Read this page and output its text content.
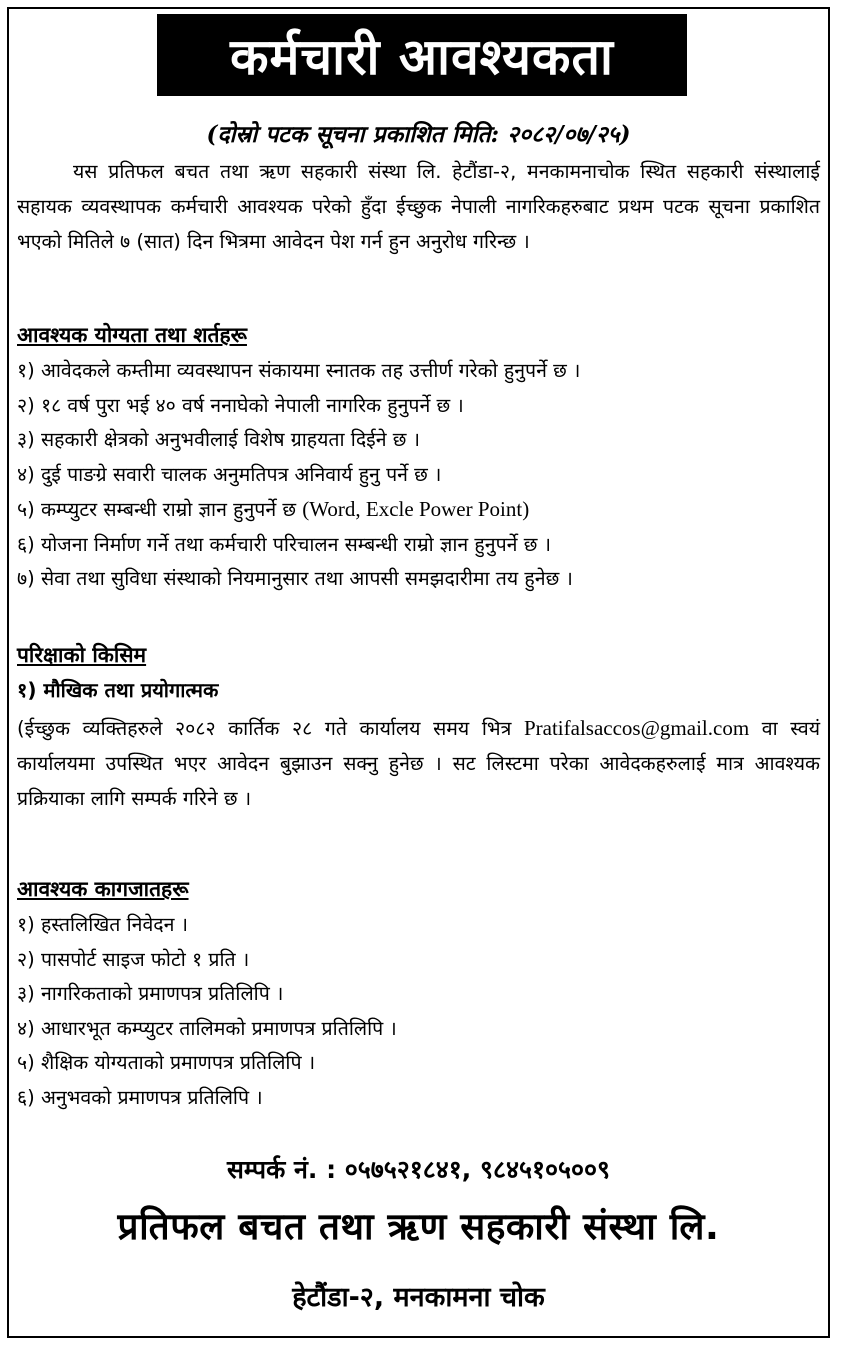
कर्मचारी आवश्यकता
(दोस्रो पटक सूचना प्रकाशित मिति: २०८२/०७/२५)
यस प्रतिफल बचत तथा ऋण सहकारी संस्था लि. हेटौंडा-२, मनकामनाचोक स्थित सहकारी संस्थालाई सहायक व्यवस्थापक कर्मचारी आवश्यक परेको हुँदा ईच्छुक नेपाली नागरिकहरुबाट प्रथम पटक सूचना प्रकाशित भएको मितिले ७ (सात) दिन भित्रमा आवेदन पेश गर्न हुन अनुरोध गरिन्छ ।
आवश्यक योग्यता तथा शर्तहरू
१) आवेदकले कम्तीमा व्यवस्थापन संकायमा स्नातक तह उत्तीर्ण गरेको हुनुपर्ने छ ।
२) १८ वर्ष पुरा भई ४० वर्ष ननाघेको नेपाली नागरिक हुनुपर्ने छ ।
३) सहकारी क्षेत्रको अनुभवीलाई विशेष ग्राहयता दिईने छ ।
४) दुई पाङग्रे सवारी चालक अनुमतिपत्र अनिवार्य हुनु पर्ने छ ।
५) कम्प्युटर सम्बन्धी राम्रो ज्ञान हुनुपर्ने छ (Word, Excle Power Point)
६) योजना निर्माण गर्ने तथा कर्मचारी परिचालन सम्बन्धी राम्रो ज्ञान हुनुपर्ने छ ।
७) सेवा तथा सुविधा संस्थाको नियमानुसार तथा आपसी समझदारीमा तय हुनेछ ।
परिक्षाको किसिम
१) मौखिक तथा प्रयोगात्मक
(ईच्छुक व्यक्तिहरुले २०८२ कार्तिक २८ गते कार्यालय समय भित्र Pratifalsaccos@gmail.com वा स्वयं कार्यालयमा उपस्थित भएर आवेदन बुझाउन सक्नु हुनेछ । सट लिस्टमा परेका आवेदकहरुलाई मात्र आवश्यक प्रक्रियाका लागि सम्पर्क गरिने छ ।
आवश्यक कागजातहरू
१) हस्तलिखित निवेदन ।
२) पासपोर्ट साइज फोटो १ प्रति ।
३) नागरिकताको प्रमाणपत्र प्रतिलिपि ।
४) आधारभूत कम्प्युटर तालिमको प्रमाणपत्र प्रतिलिपि ।
५) शैक्षिक योग्यताको प्रमाणपत्र प्रतिलिपि ।
६) अनुभवको प्रमाणपत्र प्रतिलिपि ।
सम्पर्क नं. : ०५७५२१८४१, ९८४५१०५००९
प्रतिफल बचत तथा ऋण सहकारी संस्था लि.
हेटौंडा-२, मनकामना चोक
